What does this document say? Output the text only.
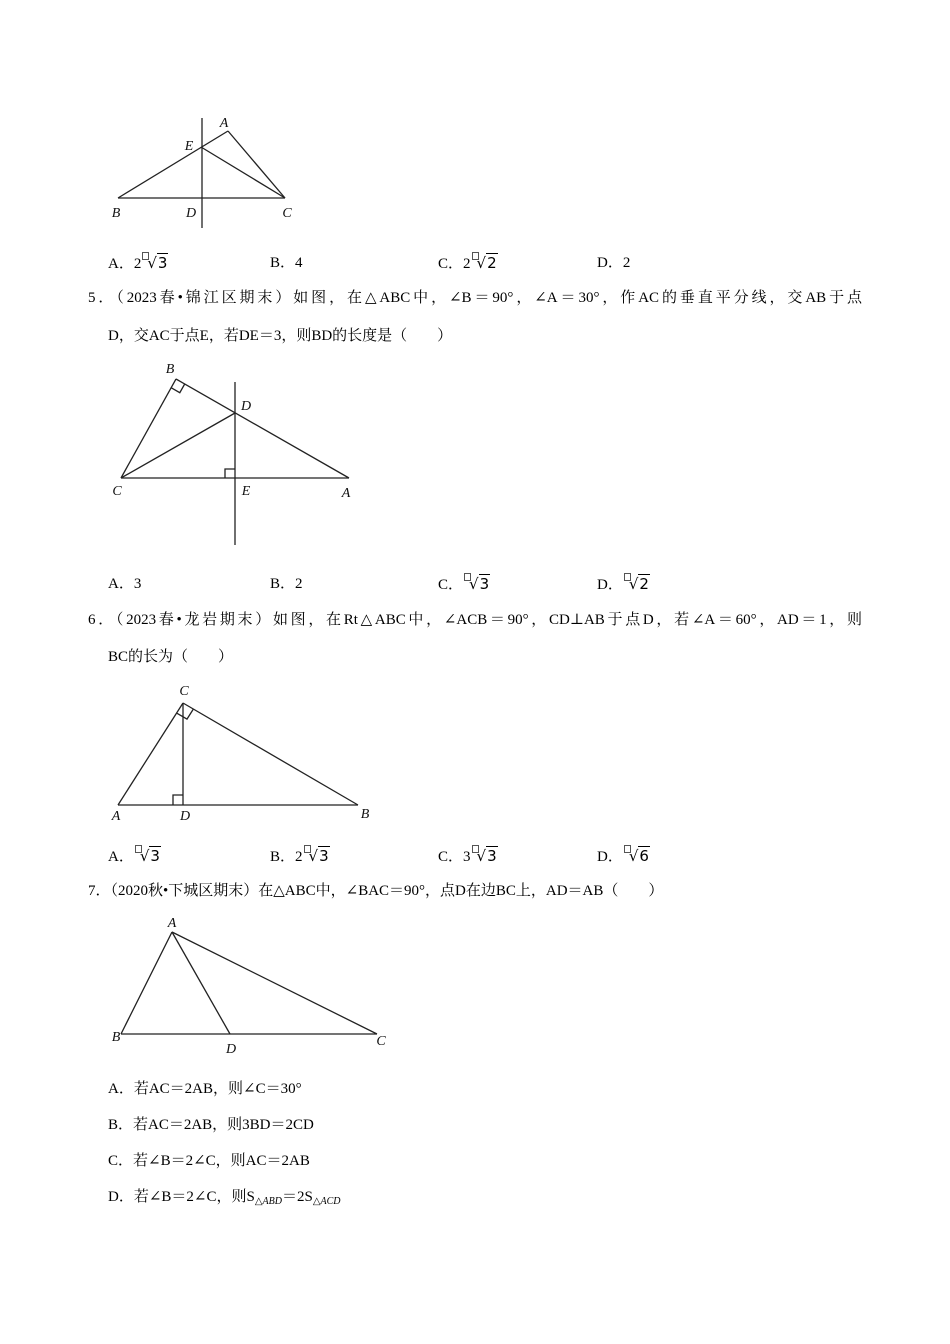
A
E
B	D	C
A．2 √3	B．4	C．2 √2	D．2
5．（2023春•锦江区期末）如图，在△ABC中，∠B＝90°，∠A＝30°，作AC的垂直平分线，交AB于点
D，交AC于点E，若DE＝3，则BD的长度是（　　）
B
D
C	E	A
A．3	B．2	C． √3	D． √2
6．（2023春•龙岩期末）如图，在Rt△ABC中，∠ACB＝90°，CD⊥AB于点D，若∠A＝60°，AD＝1，则
BC的长为（　　）
C
A	D	B
A． √3	B．2 √3	C．3 √3	D． √6
7．（2020秋•下城区期末）在△ABC中，∠BAC＝90°，点D在边BC上，AD＝AB（　　）
A
B
D
C
A．若AC＝2AB，则∠C＝30°
B．若AC＝2AB，则3BD＝2CD
C．若∠B＝2∠C，则AC＝2AB
D．若∠B＝2∠C，则$S_{\triangle ABD}=2S_{\triangle ACD}$
